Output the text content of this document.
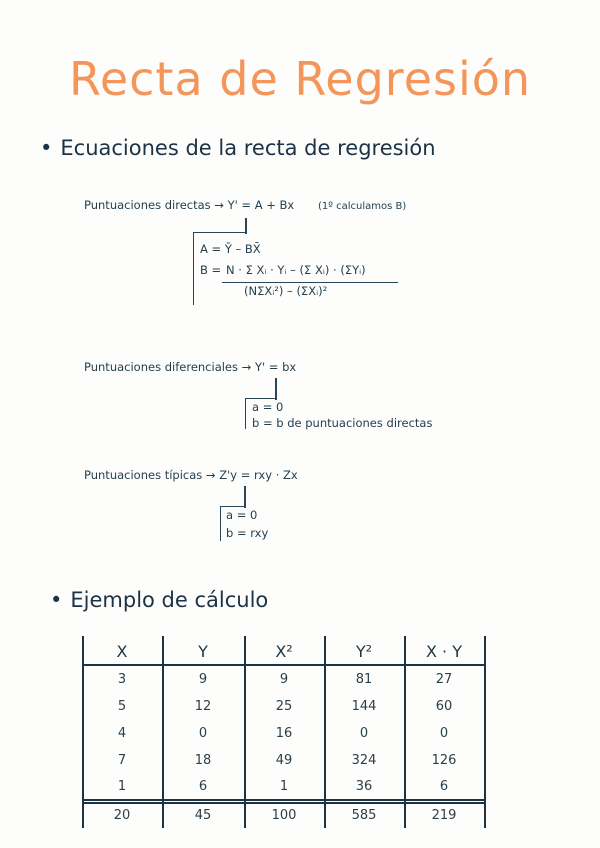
Recta de Regresión
• Ecuaciones de la recta de regresión
Puntuaciones directas → Y' = A + Bx (1º calculamos B)
A = Ȳ – BX̄
B = N · Σ Xᵢ · Yᵢ – (Σ Xᵢ) · (ΣYᵢ)
(NΣXᵢ²) – (ΣXᵢ)²
Puntuaciones diferenciales → Y' = bx
a = 0
b = b de puntuaciones directas
Puntuaciones típicas → Z'y = rxy · Zx
a = 0
b = rxy
• Ejemplo de cálculo
X	Y	X²	Y²	X · Y
3	9	9	81	27
5	12	25	144	60
4	0	16	0	0
7	18	49	324	126
1	6	1	36	6
20	45	100	585	219
